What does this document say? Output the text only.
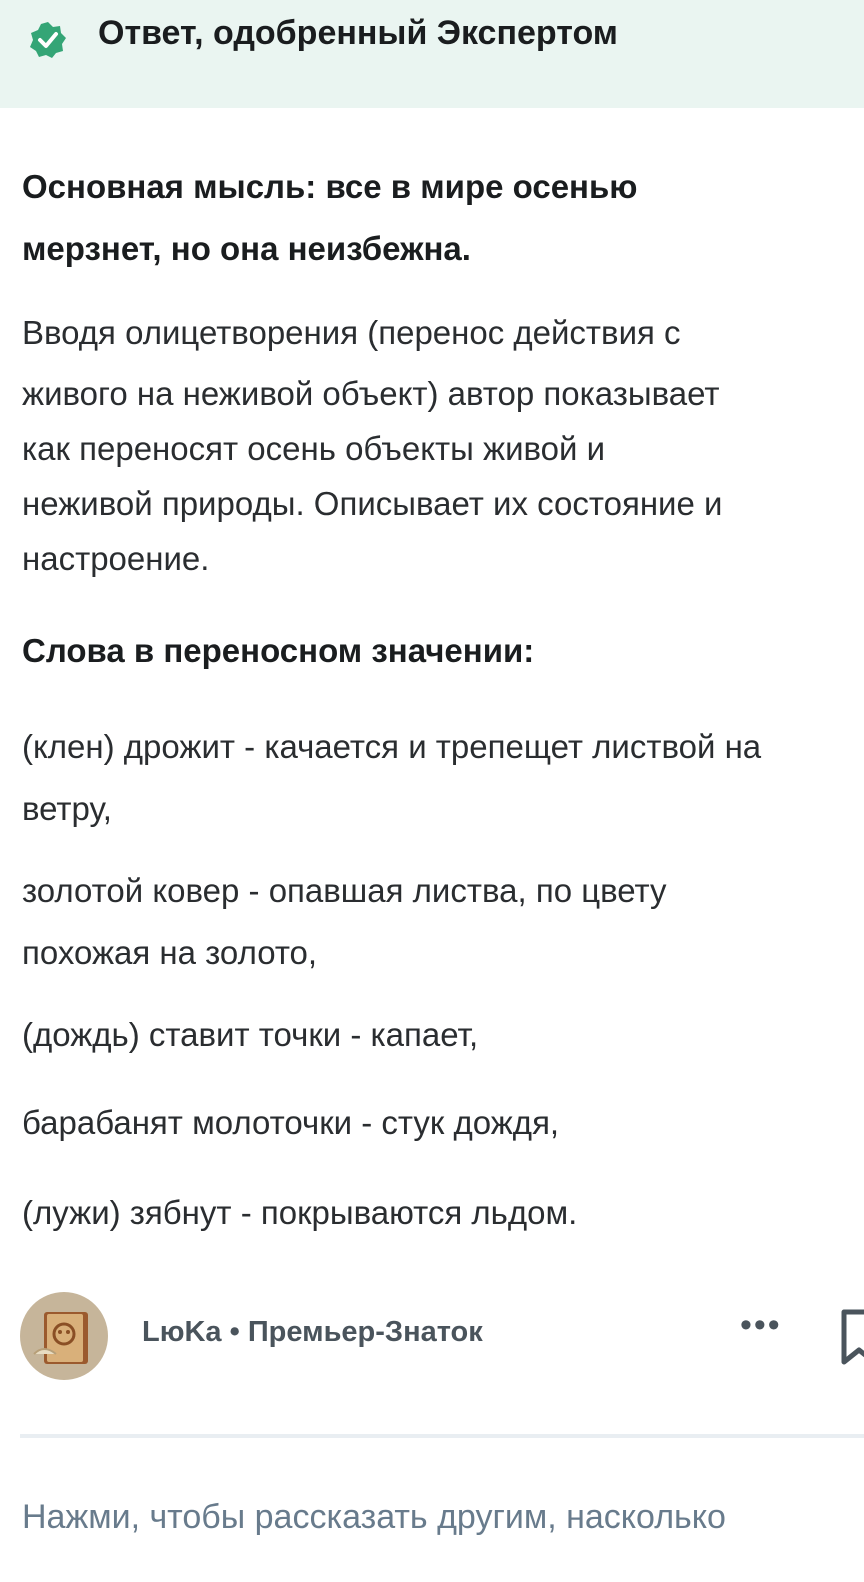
Ответ, одобренный Экспертом
Основная мысль: все в мире осенью
мерзнет, но она неизбежна.
Вводя олицетворения (перенос действия с
живого на неживой объект) автор показывает
как переносят осень объекты живой и
неживой природы. Описывает их состояние и
настроение.
Слова в переносном значении:
(клен) дрожит - качается и трепещет листвой на
ветру,
золотой ковер - опавшая листва, по цвету
похожая на золото,
(дождь) ставит точки - капает,
барабанят молоточки - стук дождя,
(лужи) зябнут - покрываются льдом.
LюKa • Премьер-Знаток	•••
Нажми, чтобы рассказать другим, насколько
